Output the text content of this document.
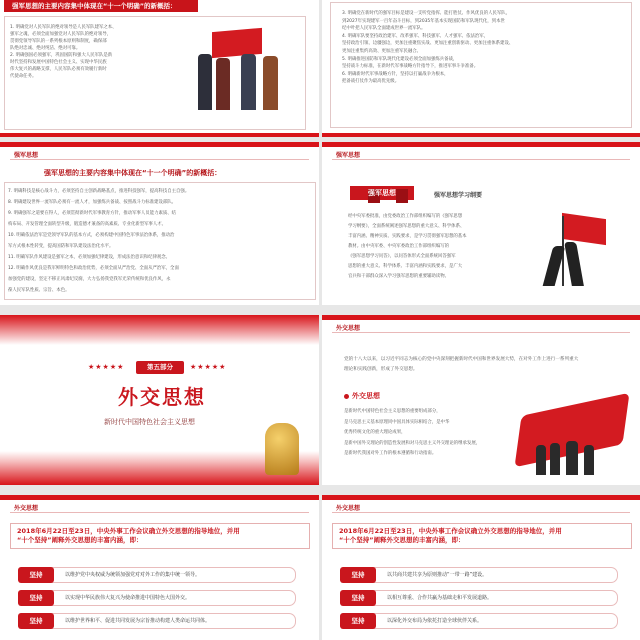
强军思想的主要内容集中体现在“十一个明确”的新概括：
1. 明确党对人民军队的绝对领导是人民军队建军之本、
强军之魂，必须全面加强党对人民军队的绝对领导，
贯彻党领导军队的一系列根本原则和制度，确保部
队绝对忠诚、绝对纯洁、绝对可靠。
2. 明确强国必须强军，巩固国防和强大人民军队是新
时代坚持和发展中国特色社会主义、实现中华民族
伟大复兴的战略支撑，人民军队必须有效履行新时
代使命任务。
3. 明确党在新时代的强军目标是建设一支听党指挥、能打胜仗、作风优良的人民军队，
到2027年实现建军一百年奋斗目标，到2035年基本实现国防和军队现代化，到本世
纪中叶把人民军队全面建成世界一流军队。
4. 明确军队要坚持政治建军、改革强军、科技强军、人才强军、依法治军，
坚持政治引领、边疆强边，更加注重聚焦实战、更加注重创新驱动、更加注重体系建设、
更加注重集约高效、更加注重军民融合。
5. 明确推进国防和军队现代化建设必须全面加强练兵备战，
坚持战斗力标准，在新时代军事战略方针指导下，推进军事斗争准备。
6. 明确新时代军事战略方针，坚持以打赢战争为根本，
把备战打仗作为最高优先级。
强军思想
强军思想的主要内容集中体现在“十一个明确”的新概括：
7. 明确科技是核心战斗力，必须坚持自主创新战略基点，推进科技强军，提高科技自主自强。
8. 明确建设世界一流军队必须有一流人才，加强练兵备战、按照战斗力标准建设部队。
9. 明确强军之道要在得人，必须贯彻新时代军事教育方针，推动军事人员能力素质、结
构布局、开发管理全面转型升级，锻造德才兼备的高素质、专业化新型军事人才。
10. 明确依法治军是党领导军队的基本方式，必须构建中国特色军事法治体系，推动治
军方式根本性转变，提高国防和军队建设法治化水平。
11. 明确军队作风建设是强军之本，必须加强纪律建设，形成法治意识和纪律观念。
12. 明确作风优良是我军鲜明特色和政治优势，必须全面从严治党、全面从严治军，全面
加强党的建设，坚定不移正风肃纪反腐，大力弘扬我党我军光荣传统和优良作风，永
葆人民军队性质、宗旨、本色。
强军思想
强军思想	强军思想学习纲要
经中央军委批准，由党委政治工作部组织编写的《强军思想
学习纲要》，全面系统阐述强军思想的重大意义、科学体系、
丰富内涵、精神实质、实践要求，是学习贯彻强军思想的基本
教材。由中央军委、中央军委政治工作部组织编写的
《强军思想学习问答》，以问答体形式全面系统回答强军
思想的重大意义、科学体系、丰富内涵和实践要求，是广大
官兵和干部群众深入学习强军思想的重要辅助读物。
★★★★★	第五部分	★★★★★
外交思想
新时代中国特色社会主义思想
外交思想
党的十八大以来，以习近平同志为核心的党中央深刻把握新时代中国和世界发展大势，在对外工作上进行一系列重大
理论和实践创新，形成了外交思想。
外交思想
是新时代中国特色社会主义思想的重要组成部分，
是马克思主义基本原理同中国具体实际相结合，是中华
优秀传统文化的重大理论成果，
是新中国外交理论的创造性发展和对马克思主义外交理论的继承发展，
是新时代我国对外工作的根本遵循和行动指南。
外交思想
2018年6月22日至23日，中央外事工作会议确立外交思想的指导地位，并用
“十个坚持”阐释外交思想的丰富内涵，即：
坚持	以维护党中央权威为统领加强党对对外工作的集中统一领导。
坚持	以实现中华民族伟大复兴为使命推进中国特色大国外交。
坚持	以维护世界和平、促进共同发展为宗旨推动构建人类命运共同体。
外交思想
2018年6月22日至23日，中央外事工作会议确立外交思想的指导地位，并用
“十个坚持”阐释外交思想的丰富内涵，即：
坚持	以共商共建共享为原则推动“一带一路”建设。
坚持	以相互尊重、合作共赢为基础走和平发展道路。
坚持	以深化外交布局为依托打造全球伙伴关系。
